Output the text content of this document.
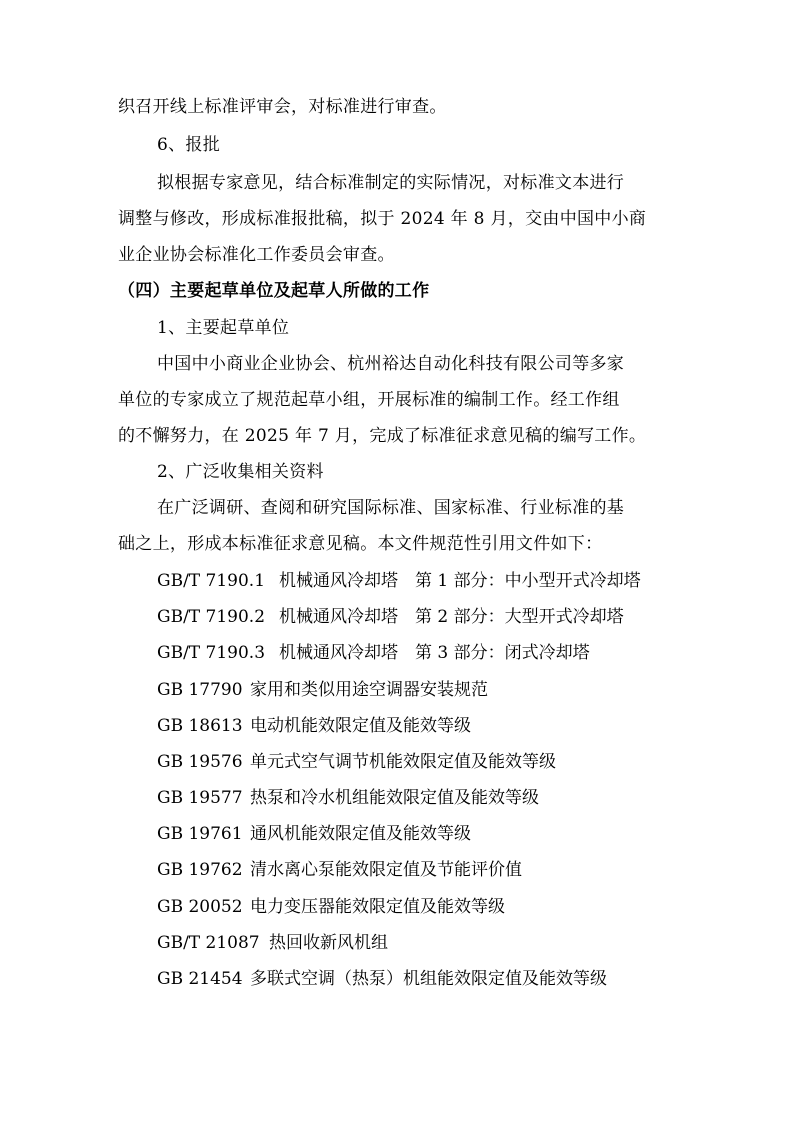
织召开线上标准评审会，对标准进行审查。
6、报批
拟根据专家意见，结合标准制定的实际情况，对标准文本进行
调整与修改，形成标准报批稿，拟于 2024 年 8 月，交由中国中小商
业企业协会标准化工作委员会审查。
（四）主要起草单位及起草人所做的工作
1、主要起草单位
中国中小商业企业协会、杭州裕达自动化科技有限公司等多家
单位的专家成立了规范起草小组，开展标准的编制工作。经工作组
的不懈努力，在 2025 年 7 月，完成了标准征求意见稿的编写工作。
2、广泛收集相关资料
在广泛调研、查阅和研究国际标准、国家标准、行业标准的基
础之上，形成本标准征求意见稿。本文件规范性引用文件如下：
GB/T 7190.1 机械通风冷却塔　第 1 部分：中小型开式冷却塔
GB/T 7190.2 机械通风冷却塔　第 2 部分：大型开式冷却塔
GB/T 7190.3 机械通风冷却塔　第 3 部分：闭式冷却塔
GB 17790 家用和类似用途空调器安装规范
GB 18613 电动机能效限定值及能效等级
GB 19576 单元式空气调节机能效限定值及能效等级
GB 19577 热泵和冷水机组能效限定值及能效等级
GB 19761 通风机能效限定值及能效等级
GB 19762 清水离心泵能效限定值及节能评价值
GB 20052 电力变压器能效限定值及能效等级
GB/T 21087 热回收新风机组
GB 21454 多联式空调（热泵）机组能效限定值及能效等级
